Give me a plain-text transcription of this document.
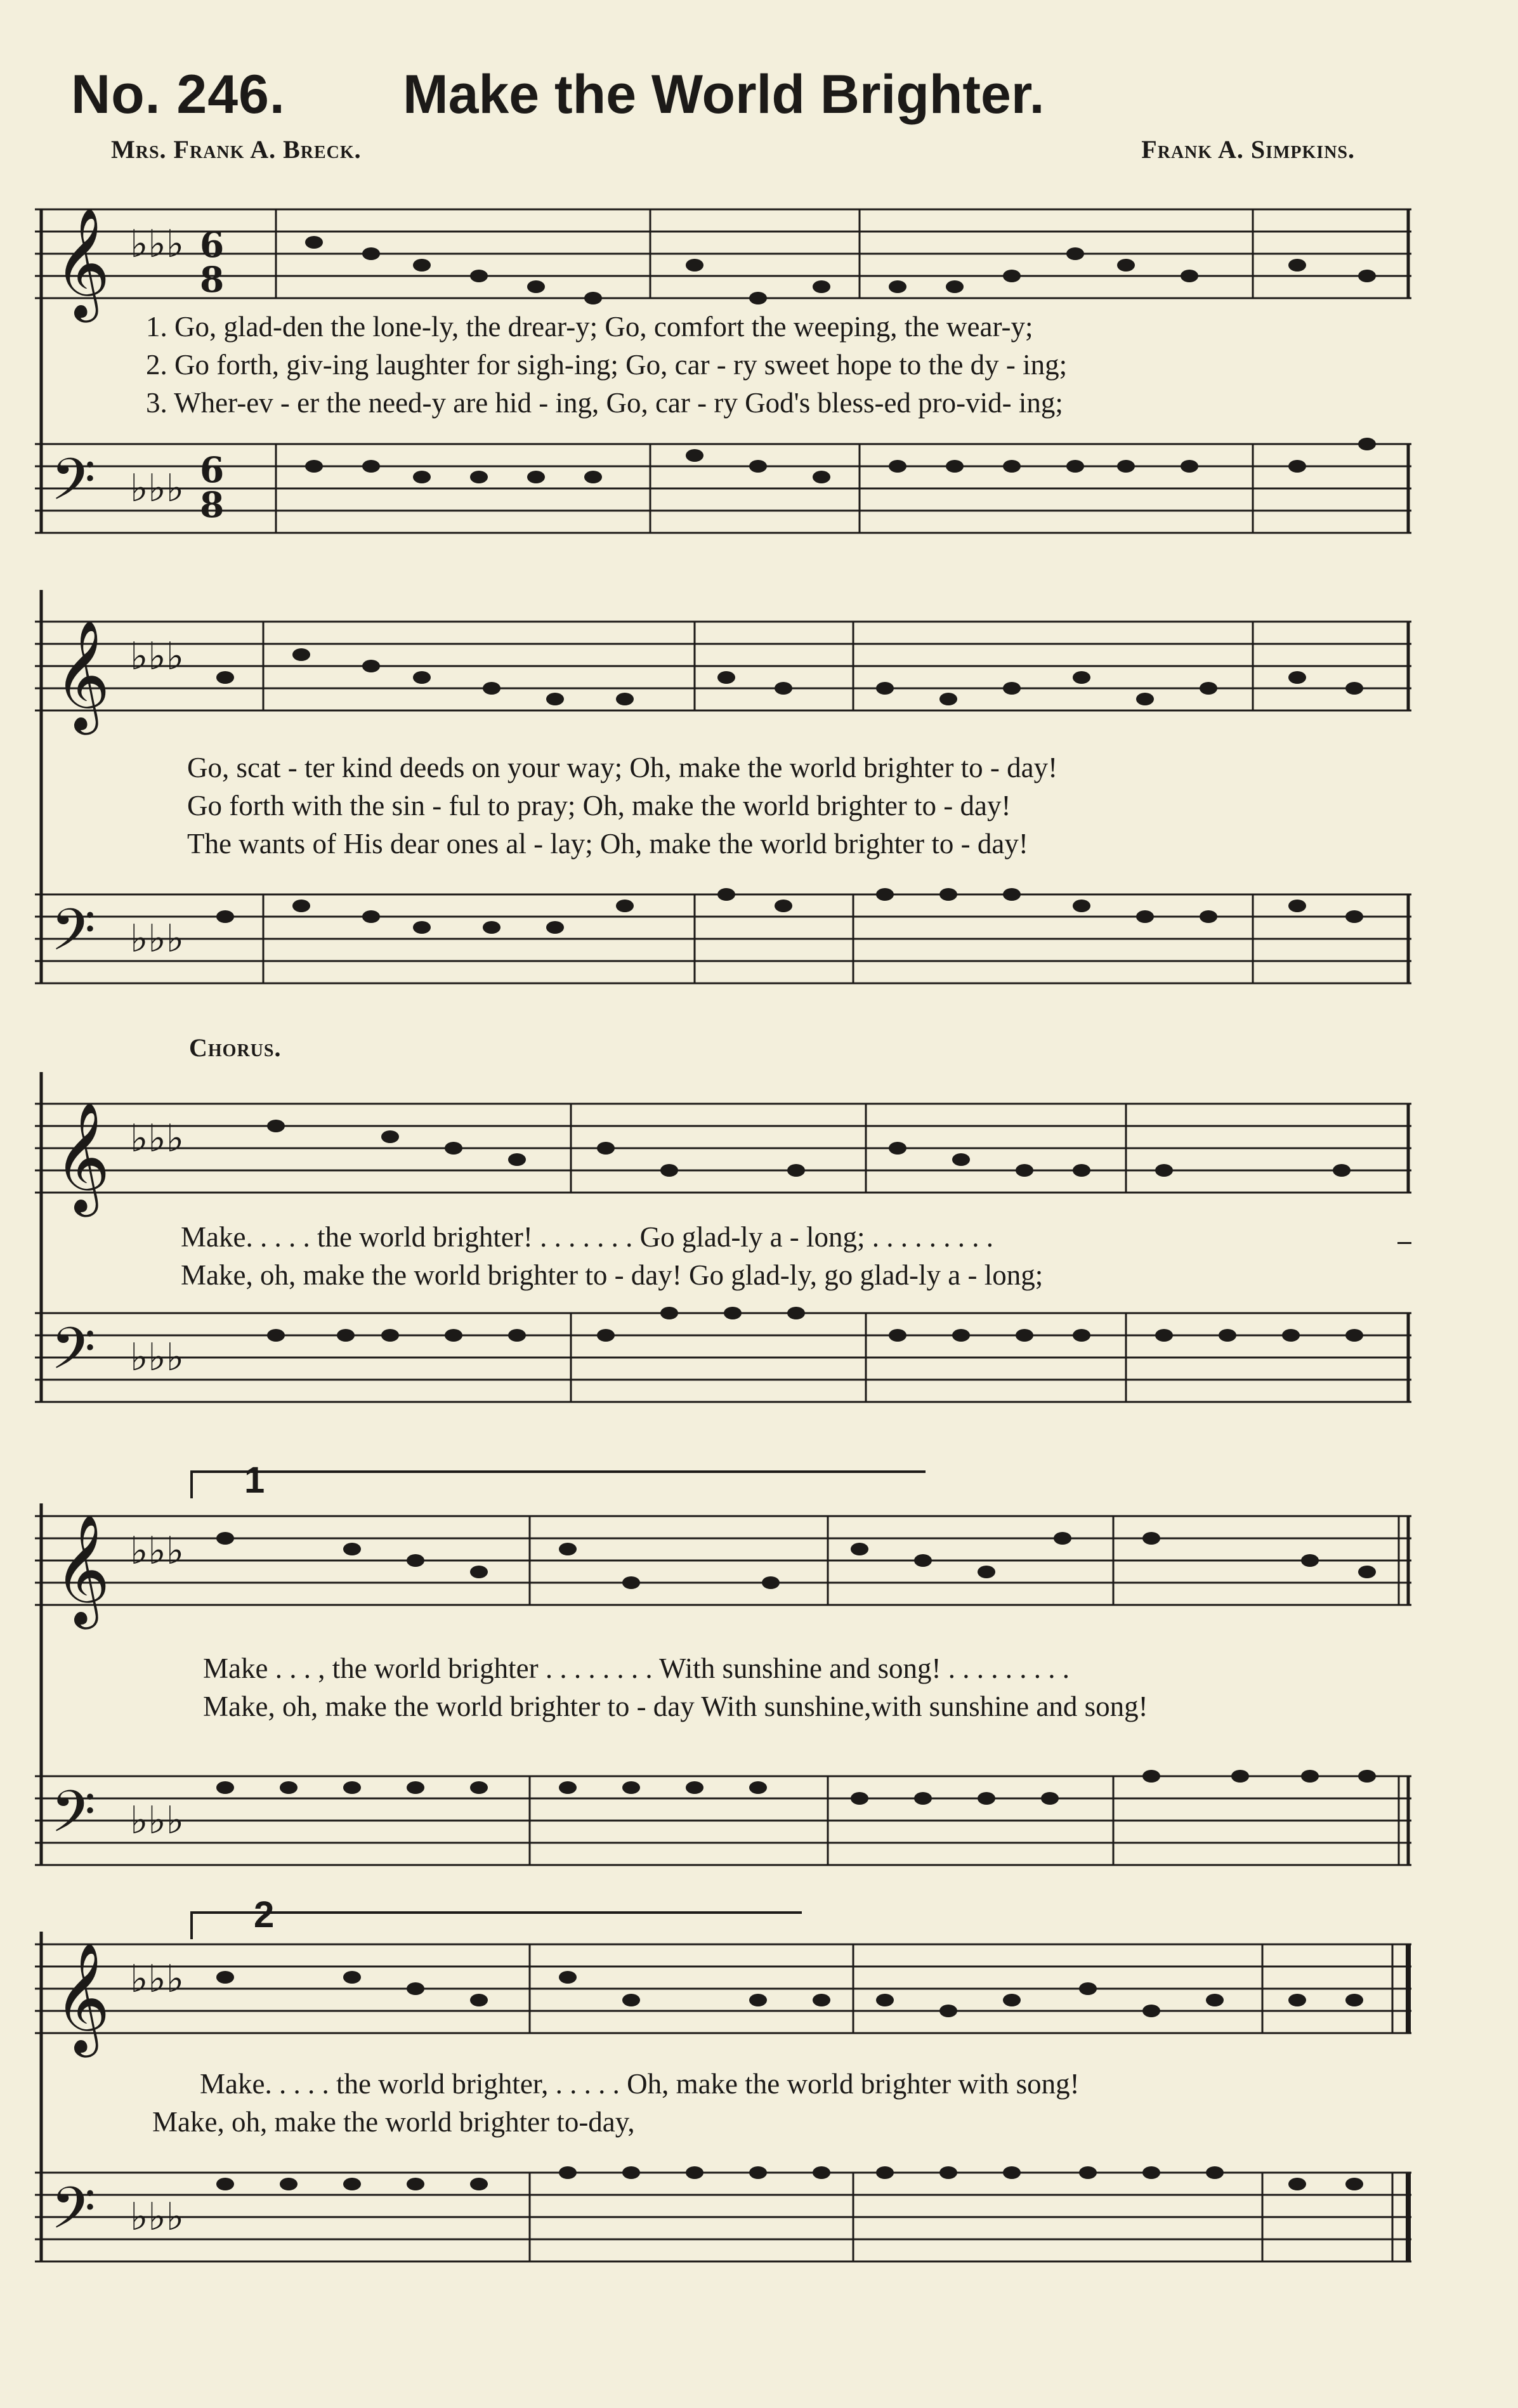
No. 246. Make the World Brighter.
Mrs. Frank A. Breck.	Frank A. Simpkins.
𝄞 ♭♭♭ 6
8
1. Go, glad-den the lone-ly, the drear-y; Go, comfort the weeping, the wear-y;
2. Go forth, giv-ing laughter for sigh-ing; Go, car - ry sweet hope to the dy - ing;
3. Wher-ev - er the need-y are hid - ing, Go, car - ry God's bless-ed pro-vid- ing;
𝄢 ♭♭♭ 6
8
𝄞 ♭♭♭
Go, scat - ter kind deeds on your way; Oh, make the world brighter to - day!
Go forth with the sin - ful to pray; Oh, make the world brighter to - day!
The wants of His dear ones al - lay; Oh, make the world brighter to - day!
𝄢 ♭♭♭
Chorus.
𝄞 ♭♭♭
Make. . . . . the world brighter! . . . . . . . Go glad-ly a - long; . . . . . . . . .
Make, oh, make the world brighter to - day! Go glad-ly, go glad-ly a - long;
𝄢 ♭♭♭
1
𝄞 ♭♭♭
Make . . . , the world brighter . . . . . . . . With sunshine and song! . . . . . . . . .
Make, oh, make the world brighter to - day With sunshine,with sunshine and song!
𝄢 ♭♭♭
2
𝄞 ♭♭♭
Make. . . . . the world brighter, . . . . . Oh, make the world brighter with song!
Make, oh, make the world brighter to-day,
𝄢 ♭♭♭
